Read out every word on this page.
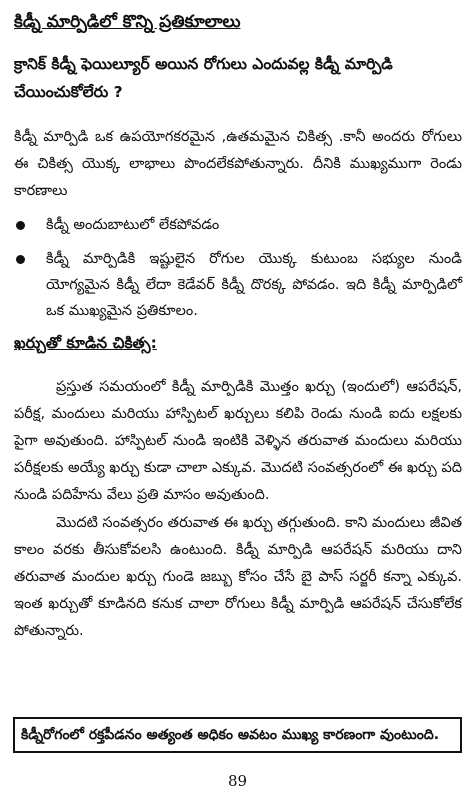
కిడ్నీ మార్పిడిలో కొన్ని ప్రతికూలాలు
క్రానిక్ కిడ్నీ ఫెయిల్యూర్ అయిన రోగులు ఎందువల్ల కిడ్నీ మార్పిడి చేయించుకోలేరు ?
కిడ్నీ మార్పిడి ఒక ఉపయోగకరమైన ,ఉతమమైన చికిత్స .కానీ అందరు రోగులు ఈ చికిత్స యొక్క లాభాలు పొందలేకపోతున్నారు. దీనికి ముఖ్యముగా రెండు కారణాలు
కిడ్నీ అందుబాటులో లేకపోవడం
కిడ్నీ మార్పిడికి ఇష్టులైన రోగుల యొక్క కుటుంబ సభ్యుల నుండి యోగ్యమైన కిడ్నీ లేదా కెడేవర్ కిడ్నీ దొరక్క పోవడం. ఇది కిడ్నీ మార్పిడిలో ఒక ముఖ్యమైన ప్రతికూలం.
ఖర్చుతో కూడిన చికిత్స:
ప్రస్తుత సమయంలో కిడ్నీ మార్పిడికి మొత్తం ఖర్చు (ఇందులో) ఆపరేషన్, పరీక్ష, మందులు మరియు హాస్పిటల్ ఖర్చులు కలిపి రెండు నుండి ఐదు లక్షలకు పైగా అవుతుంది. హాస్పిటల్ నుండి ఇంటికి వెళ్ళిన తరువాత మందులు మరియు పరీక్షలకు అయ్యే ఖర్చు కుడా చాలా ఎక్కువ. మొదటి సంవత్సరంలో ఈ ఖర్చు పది నుండి పదిహేను వేలు ప్రతి మాసం అవుతుంది.
మొదటి సంవత్సరం తరువాత ఈ ఖర్చు తగ్గుతుంది. కాని మందులు జీవిత కాలం వరకు తీసుకోవలసి ఉంటుంది. కిడ్నీ మార్పిడి ఆపరేషన్ మరియు దాని తరువాత మందుల ఖర్చు గుండె జబ్బు కోసం చేసే బై పాస్ సర్జరీ కన్నా ఎక్కువ. ఇంత ఖర్చుతో కూడినది కనుక చాలా రోగులు కిడ్నీ మార్పిడి ఆపరేషన్ చేసుకోలేక పోతున్నారు.
కిడ్నీరోగంలో రక్తపీడనం అత్యంత అధికం అవటం ముఖ్య కారణంగా వుంటుంది.
89
